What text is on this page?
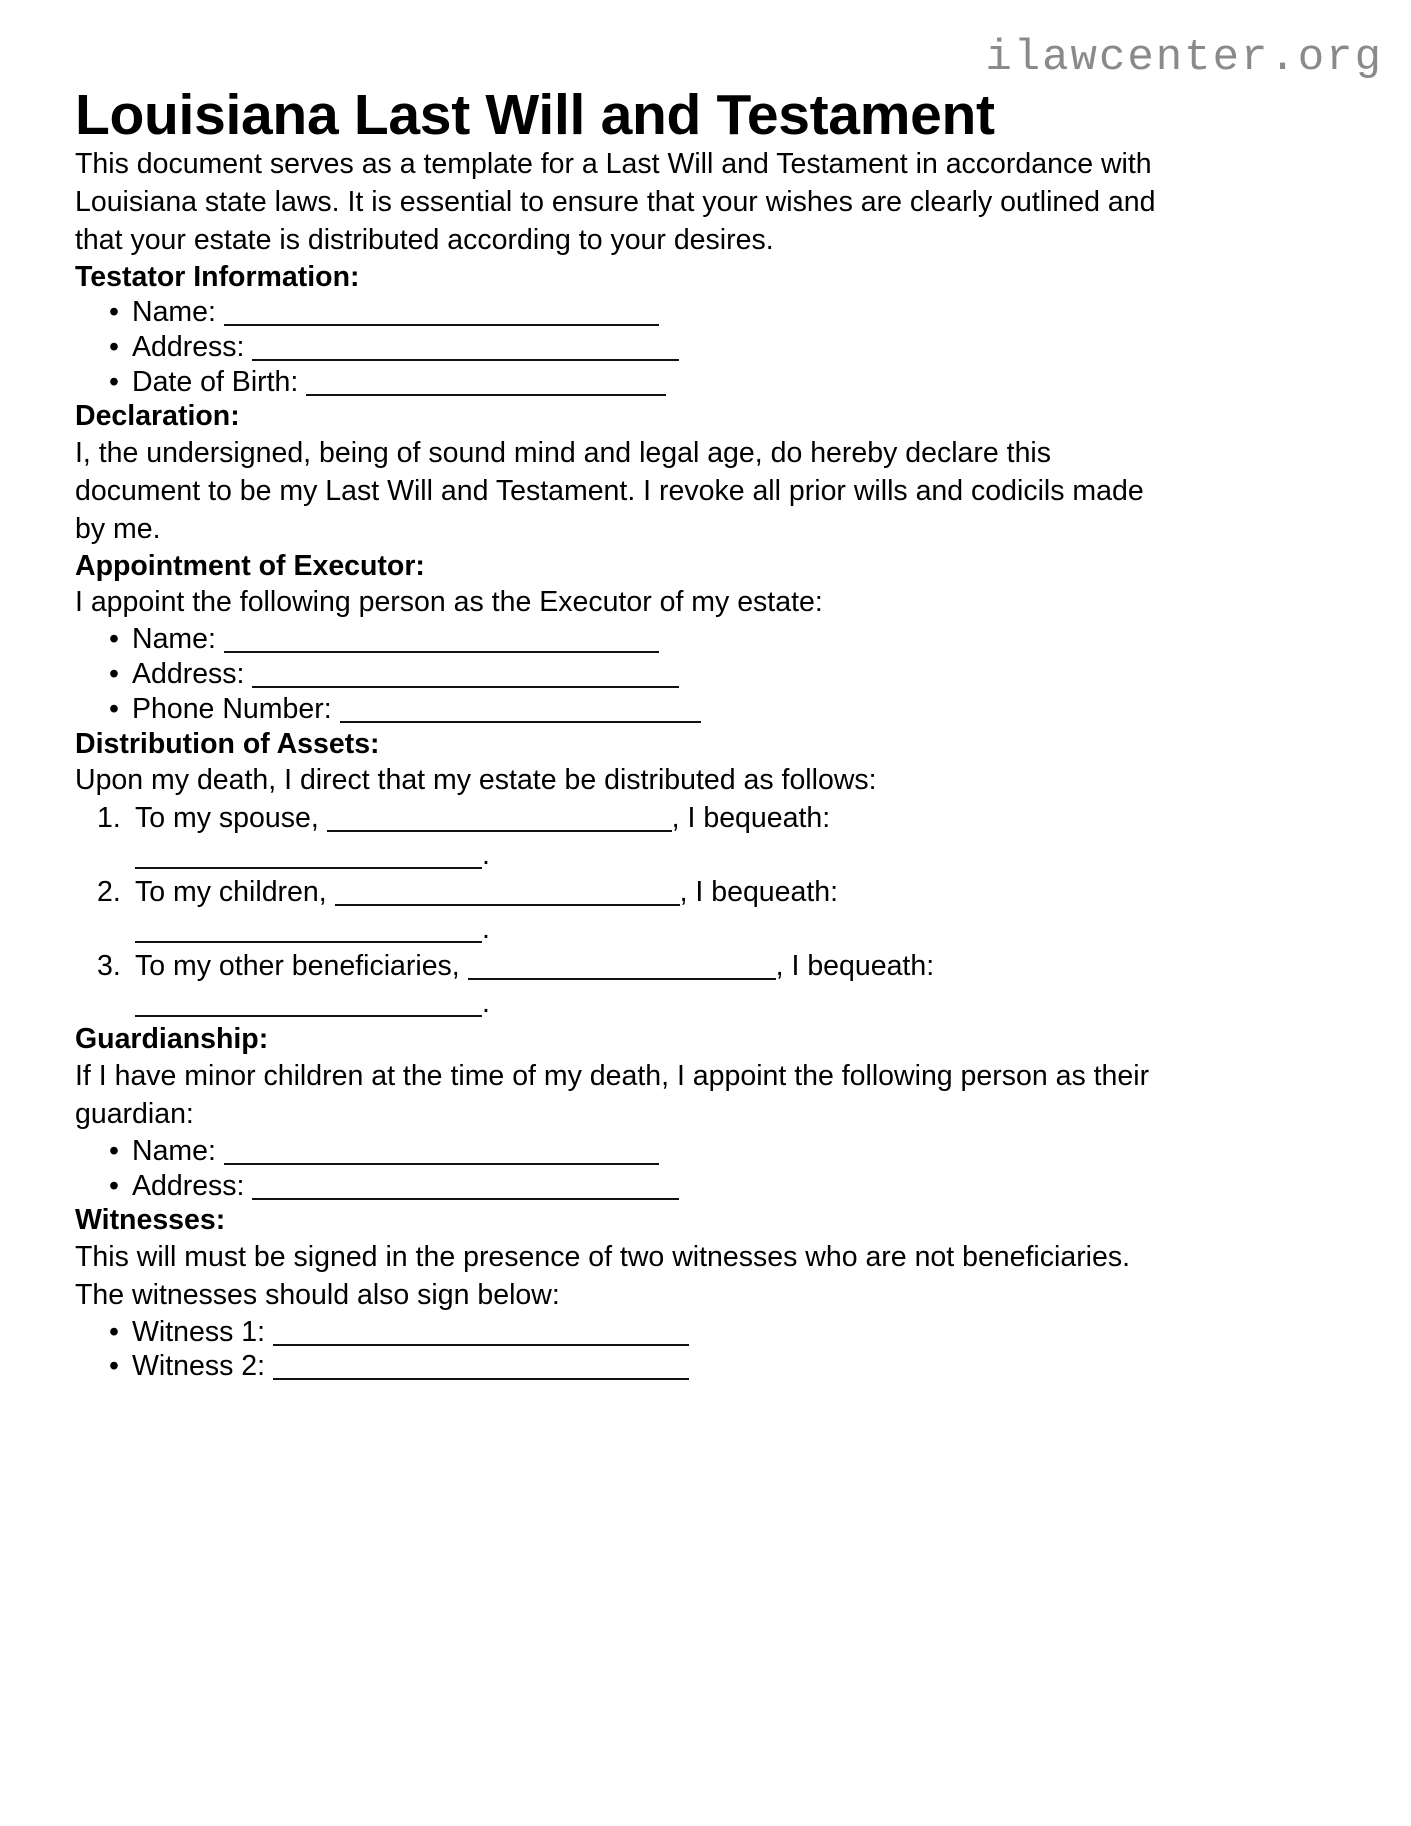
ilawcenter.org
Louisiana Last Will and Testament

This document serves as a template for a Last Will and Testament in accordance with Louisiana state laws. It is essential to ensure that your wishes are clearly outlined and that your estate is distributed according to your desires.

Testator Information:
• Name:
• Address:
• Date of Birth:
Declaration:

I, the undersigned, being of sound mind and legal age, do hereby declare this document to be my Last Will and Testament. I revoke all prior wills and codicils made by me.

Appointment of Executor:

I appoint the following person as the Executor of my estate:

• Name:
• Address:
• Phone Number:
Distribution of Assets:

Upon my death, I direct that my estate be distributed as follows:

To my spouse,	, I bequeath: .
To my children,	, I bequeath: .
To my other beneficiaries,	, I bequeath: .
Guardianship:

If I have minor children at the time of my death, I appoint the following person as their guardian:

• Name:
• Address:
Witnesses:

This will must be signed in the presence of two witnesses who are not beneficiaries. The witnesses should also sign below:

• Witness 1:
• Witness 2:
